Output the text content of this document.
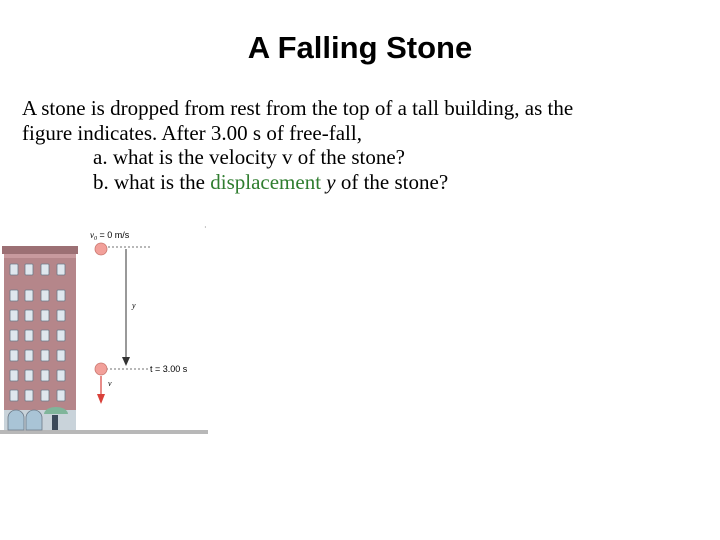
A Falling Stone

A stone is dropped from rest from the top of a tall building, as the

figure indicates. After 3.00 s of free-fall,

a. what is the velocity v of the stone?

b. what is the displacement y of the stone?

$v_0 = 0$ m/s
y
t = 3.00 s
v
·
